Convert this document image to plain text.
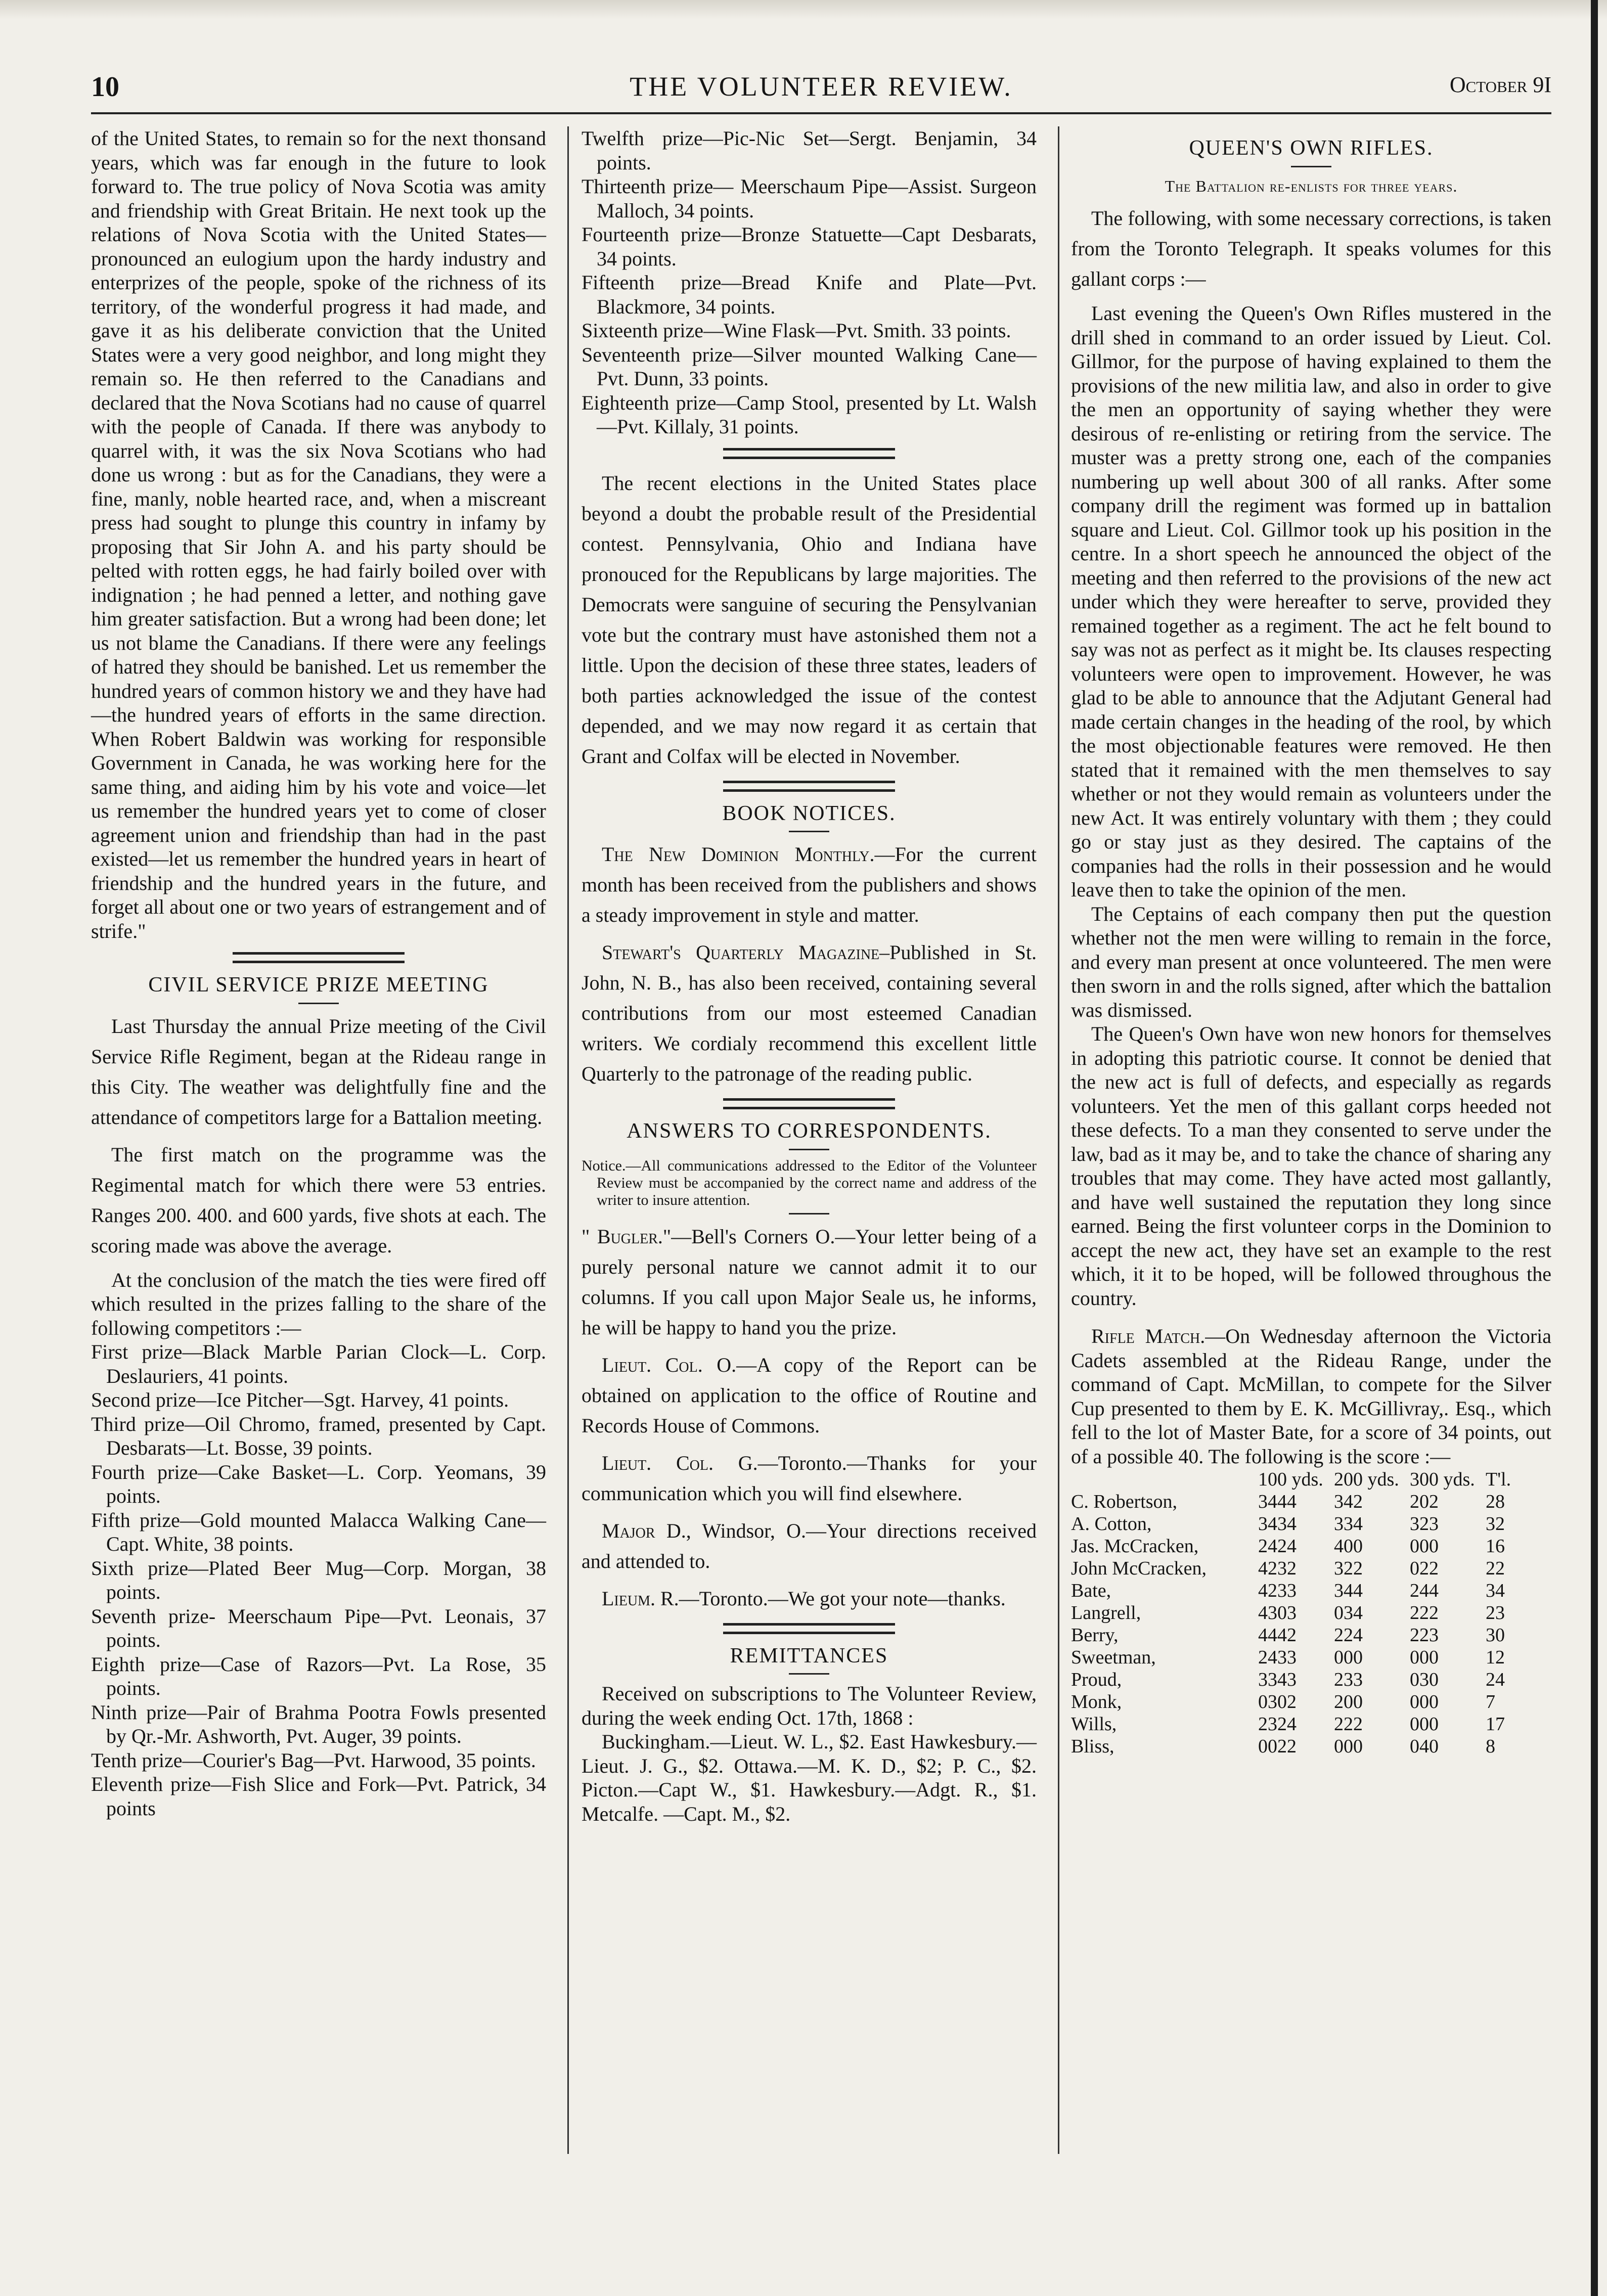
10	THE VOLUNTEER REVIEW.	October 9I

of the United States, to remain so for the next thonsand years, which was far enough in the future to look forward to. The true policy of Nova Scotia was amity and friendship with Great Britain. He next took up the relations of Nova Scotia with the United States—pronounced an eulogium upon the hardy industry and enterprizes of the people, spoke of the richness of its territory, of the wonderful progress it had made, and gave it as his deliberate conviction that the United States were a very good neighbor, and long might they remain so. He then referred to the Canadians and declared that the Nova Scotians had no cause of quarrel with the people of Canada. If there was anybody to quarrel with, it was the six Nova Scotians who had done us wrong : but as for the Canadians, they were a fine, manly, noble hearted race, and, when a miscreant press had sought to plunge this country in infamy by proposing that Sir John A. and his party should be pelted with rotten eggs, he had fairly boiled over with indignation ; he had penned a letter, and nothing gave him greater satisfaction. But a wrong had been done; let us not blame the Canadians. If there were any feelings of hatred they should be banished. Let us remember the hundred years of common history we and they have had—the hundred years of efforts in the same direction. When Robert Baldwin was working for responsible Government in Canada, he was working here for the same thing, and aiding him by his vote and voice—let us remember the hundred years yet to come of closer agreement union and friendship than had in the past existed—let us remember the hundred years in heart of friendship and the hundred years in the future, and forget all about one or two years of estrangement and of strife."

CIVIL SERVICE PRIZE MEETING

Last Thursday the annual Prize meeting of the Civil Service Rifle Regiment, began at the Rideau range in this City. The weather was delightfully fine and the attendance of competitors large for a Battalion meeting.

The first match on the programme was the Regimental match for which there were 53 entries. Ranges 200. 400. and 600 yards, five shots at each. The scoring made was above the average.

At the conclusion of the match the ties were fired off which resulted in the prizes falling to the share of the following competitors :—

First prize—Black Marble Parian Clock—L. Corp. Deslauriers, 41 points.

Second prize—Ice Pitcher—Sgt. Harvey, 41 points.

Third prize—Oil Chromo, framed, presented by Capt. Desbarats—Lt. Bosse, 39 points.

Fourth prize—Cake Basket—L. Corp. Yeomans, 39 points.

Fifth prize—Gold mounted Malacca Walking Cane— Capt. White, 38 points.

Sixth prize—Plated Beer Mug—Corp. Morgan, 38 points.

Seventh prize- Meerschaum Pipe—Pvt. Leonais, 37 points.

Eighth prize—Case of Razors—Pvt. La Rose, 35 points.

Ninth prize—Pair of Brahma Pootra Fowls presented by Qr.-Mr. Ashworth, Pvt. Auger, 39 points.

Tenth prize—Courier's Bag—Pvt. Harwood, 35 points.

Eleventh prize—Fish Slice and Fork—Pvt. Patrick, 34 points

Twelfth prize—Pic-Nic Set—Sergt. Benjamin, 34 points.

Thirteenth prize— Meerschaum Pipe—Assist. Surgeon Malloch, 34 points.

Fourteenth prize—Bronze Statuette—Capt Desbarats, 34 points.

Fifteenth prize—Bread Knife and Plate—Pvt. Blackmore, 34 points.

Sixteenth prize—Wine Flask—Pvt. Smith. 33 points.

Seventeenth prize—Silver mounted Walking Cane—Pvt. Dunn, 33 points.

Eighteenth prize—Camp Stool, presented by Lt. Walsh—Pvt. Killaly, 31 points.

The recent elections in the United States place beyond a doubt the probable result of the Presidential contest. Pennsylvania, Ohio and Indiana have pronouced for the Republicans by large majorities. The Democrats were sanguine of securing the Pensylvanian vote but the contrary must have astonished them not a little. Upon the decision of these three states, leaders of both parties acknowledged the issue of the contest depended, and we may now regard it as certain that Grant and Colfax will be elected in November.

BOOK NOTICES.

The New Dominion Monthly.—For the current month has been received from the publishers and shows a steady improvement in style and matter.

Stewart's Quarterly Magazine–Published in St. John, N. B., has also been received, containing several contributions from our most esteemed Canadian writers. We cordialy recommend this excellent little Quarterly to the patronage of the reading public.

ANSWERS TO CORRESPONDENTS.

Notice.—All communications addressed to the Editor of the Volunteer Review must be accompanied by the correct name and address of the writer to insure attention.

" Bugler."—Bell's Corners O.—Your letter being of a purely personal nature we cannot admit it to our columns. If you call upon Major Seale us, he informs, he will be happy to hand you the prize.

Lieut. Col. O.—A copy of the Report can be obtained on application to the office of Routine and Records House of Commons.

Lieut. Col. G.—Toronto.—Thanks for your communication which you will find elsewhere.

Major D., Windsor, O.—Your directions received and attended to.

Lieum. R.—Toronto.—We got your note—thanks.

REMITTANCES

Received on subscriptions to The Volunteer Review, during the week ending Oct. 17th, 1868 :

Buckingham.—Lieut. W. L., $2. East Hawkesbury.—Lieut. J. G., $2. Ottawa.—M. K. D., $2; P. C., $2. Picton.—Capt W., $1. Hawkesbury.—Adgt. R., $1. Metcalfe. —Capt. M., $2.

QUEEN'S OWN RIFLES.
The Battalion re-enlists for three years.

The following, with some necessary corrections, is taken from the Toronto Telegraph. It speaks volumes for this gallant corps :—

Last evening the Queen's Own Rifles mustered in the drill shed in command to an order issued by Lieut. Col. Gillmor, for the purpose of having explained to them the provisions of the new militia law, and also in order to give the men an opportunity of saying whether they were desirous of re-enlisting or retiring from the service. The muster was a pretty strong one, each of the companies numbering up well about 300 of all ranks. After some company drill the regiment was formed up in battalion square and Lieut. Col. Gillmor took up his position in the centre. In a short speech he announced the object of the meeting and then referred to the provisions of the new act under which they were hereafter to serve, provided they remained together as a regiment. The act he felt bound to say was not as perfect as it might be. Its clauses respecting volunteers were open to improvement. However, he was glad to be able to announce that the Adjutant General had made certain changes in the heading of the rool, by which the most objectionable features were removed. He then stated that it remained with the men themselves to say whether or not they would remain as volunteers under the new Act. It was entirely voluntary with them ; they could go or stay just as they desired. The captains of the companies had the rolls in their possession and he would leave then to take the opinion of the men.

The Ceptains of each company then put the question whether not the men were willing to remain in the force, and every man present at once volunteered. The men were then sworn in and the rolls signed, after which the battalion was dismissed.

The Queen's Own have won new honors for themselves in adopting this patriotic course. It connot be denied that the new act is full of defects, and especially as regards volunteers. Yet the men of this gallant corps heeded not these defects. To a man they consented to serve under the law, bad as it may be, and to take the chance of sharing any troubles that may come. They have acted most gallantly, and have well sustained the reputation they long since earned. Being the first volunteer corps in the Dominion to accept the new act, they have set an example to the rest which, it it to be hoped, will be followed throughous the country.

Rifle Match.—On Wednesday afternoon the Victoria Cadets assembled at the Rideau Range, under the command of Capt. McMillan, to compete for the Silver Cup presented to them by E. K. McGillivray,. Esq., which fell to the lot of Master Bate, for a score of 34 points, out of a possible 40. The following is the score :—

	100 yds.	200 yds.	300 yds.	T'l.
C. Robertson,	3444	342	202	28
A. Cotton,	3434	334	323	32
Jas. McCracken,	2424	400	000	16
John McCracken,	4232	322	022	22
Bate,	4233	344	244	34
Langrell,	4303	034	222	23
Berry,	4442	224	223	30
Sweetman,	2433	000	000	12
Proud,	3343	233	030	24
Monk,	0302	200	000	7
Wills,	2324	222	000	17
Bliss,	0022	000	040	8
